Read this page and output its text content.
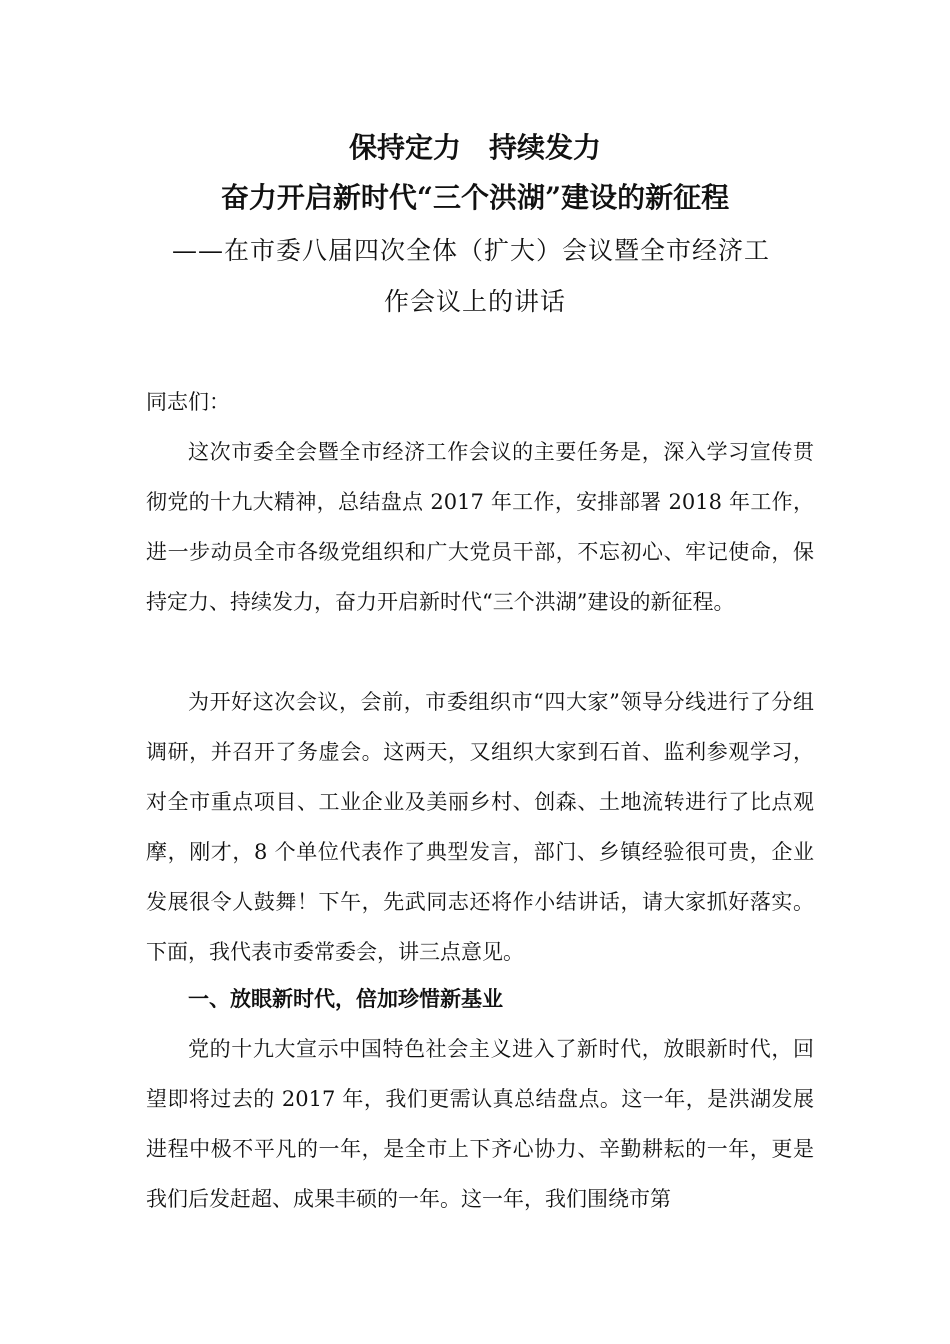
保持定力　持续发力
奋力开启新时代“三个洪湖”建设的新征程
——在市委八届四次全体（扩大）会议暨全市经济工
作会议上的讲话
同志们：

这次市委全会暨全市经济工作会议的主要任务是，深入学习宣传贯彻党的十九大精神，总结盘点 2017 年工作，安排部署 2018 年工作，进一步动员全市各级党组织和广大党员干部，不忘初心、牢记使命，保持定力、持续发力，奋力开启新时代“三个洪湖”建设的新征程。

为开好这次会议，会前，市委组织市“四大家”领导分线进行了分组调研，并召开了务虚会。这两天，又组织大家到石首、监利参观学习，对全市重点项目、工业企业及美丽乡村、创森、土地流转进行了比点观摩，刚才，8 个单位代表作了典型发言，部门、乡镇经验很可贵，企业发展很令人鼓舞！下午，先武同志还将作小结讲话，请大家抓好落实。下面，我代表市委常委会，讲三点意见。

一、放眼新时代，倍加珍惜新基业

党的十九大宣示中国特色社会主义进入了新时代，放眼新时代，回望即将过去的 2017 年，我们更需认真总结盘点。这一年，是洪湖发展进程中极不平凡的一年，是全市上下齐心协力、辛勤耕耘的一年，更是我们后发赶超、成果丰硕的一年。这一年，我们围绕市第
